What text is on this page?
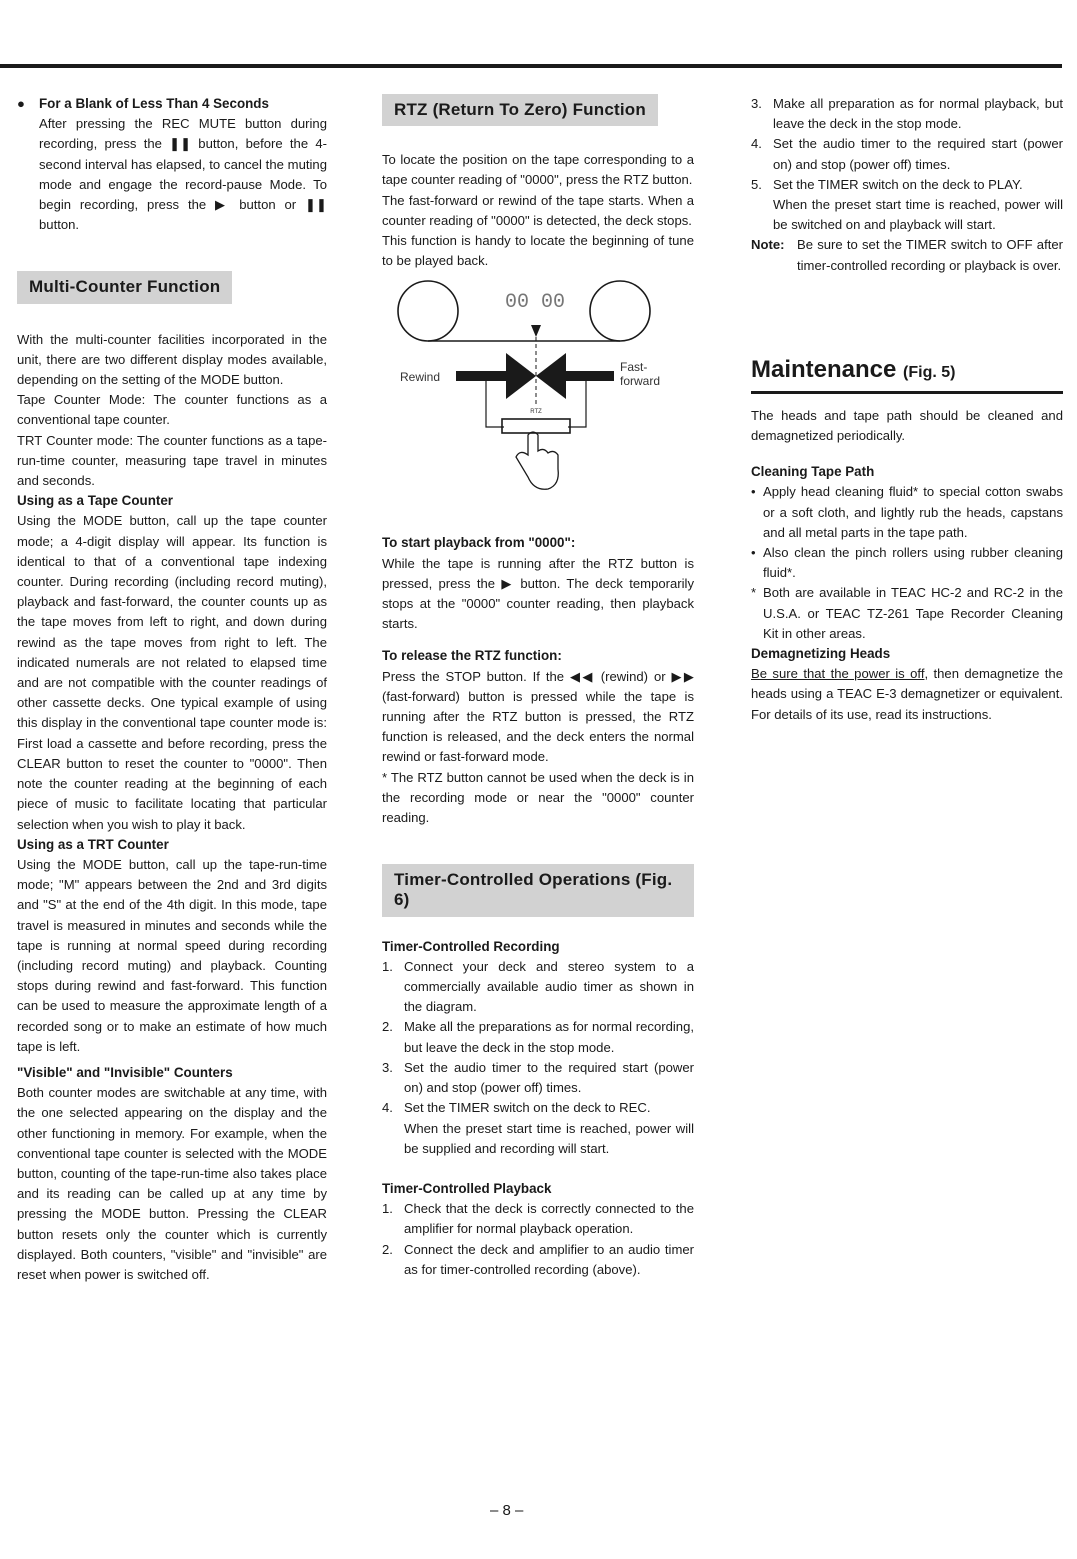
●	For a Blank of Less Than 4 Seconds

After pressing the REC MUTE button during recording, press the ❚❚ button, before the 4-second interval has elapsed, to cancel the muting mode and engage the record-pause Mode. To begin recording, press the ▶ button or ❚❚ button.

Multi-Counter Function

With the multi-counter facilities incorporated in the unit, there are two different display modes available, depending on the setting of the MODE button.

Tape Counter Mode: The counter functions as a conventional tape counter.

TRT Counter mode: The counter functions as a tape-run-time counter, measuring tape travel in minutes and seconds.

Using as a Tape Counter

Using the MODE button, call up the tape counter mode; a 4-digit display will appear. Its function is identical to that of a conventional tape indexing counter. During recording (including record muting), playback and fast-forward, the counter counts up as the tape moves from left to right, and down during rewind as the tape moves from right to left. The indicated numerals are not related to elapsed time and are not compatible with the counter readings of other cassette decks. One typical example of using this display in the conventional tape counter mode is: First load a cassette and before recording, press the CLEAR button to reset the counter to "0000". Then note the counter reading at the beginning of each piece of music to facilitate locating that particular selection when you wish to play it back.

Using as a TRT Counter

Using the MODE button, call up the tape-run-time mode; "M" appears between the 2nd and 3rd digits and "S" at the end of the 4th digit. In this mode, tape travel is measured in minutes and seconds while the tape is running at normal speed during recording (including record muting) and playback. Counting stops during rewind and fast-forward. This function can be used to measure the approximate length of a recorded song or to make an estimate of how much tape is left.

"Visible" and "Invisible" Counters

Both counter modes are switchable at any time, with the one selected appearing on the display and the other functioning in memory. For example, when the conventional tape counter is selected with the MODE button, counting of the tape-run-time also takes place and its reading can be called up at any time by pressing the MODE button. Pressing the CLEAR button resets only the counter which is currently displayed. Both counters, "visible" and "invisible" are reset when power is switched off.

RTZ (Return To Zero) Function

To locate the position on the tape corresponding to a tape counter reading of "0000", press the RTZ button.

The fast-forward or rewind of the tape starts. When a counter reading of "0000" is detected, the deck stops.

This function is handy to locate the beginning of tune to be played back.

00 00
Rewind
Fast-
forward
RTZ

To start playback from "0000":

While the tape is running after the RTZ button is pressed, press the ▶ button. The deck temporarily stops at the "0000" counter reading, then playback starts.

To release the RTZ function:

Press the STOP button. If the ◀◀ (rewind) or ▶▶ (fast-forward) button is pressed while the tape is running after the RTZ button is pressed, the RTZ function is released, and the deck enters the normal rewind or fast-forward mode.

* The RTZ button cannot be used when the deck is in the recording mode or near the "0000" counter reading.

Timer-Controlled Operations (Fig. 6)

Timer-Controlled Recording

1. Connect your deck and stereo system to a commercially available audio timer as shown in the diagram.
2. Make all the preparations as for normal recording, but leave the deck in the stop mode.
3. Set the audio timer to the required start (power on) and stop (power off) times.
4. Set the TIMER switch on the deck to REC.

When the preset start time is reached, power will be supplied and recording will start.

Timer-Controlled Playback

1. Check that the deck is correctly connected to the amplifier for normal playback operation.
2. Connect the deck and amplifier to an audio timer as for timer-controlled recording (above).
3. Make all preparation as for normal playback, but leave the deck in the stop mode.
4. Set the audio timer to the required start (power on) and stop (power off) times.
5. Set the TIMER switch on the deck to PLAY.

When the preset start time is reached, power will be switched on and playback will start.

Note: Be sure to set the TIMER switch to OFF after timer-controlled recording or playback is over.

Maintenance (Fig. 5)

The heads and tape path should be cleaned and demagnetized periodically.

Cleaning Tape Path

• Apply head cleaning fluid* to special cotton swabs or a soft cloth, and lightly rub the heads, capstans and all metal parts in the tape path.
• Also clean the pinch rollers using rubber cleaning fluid*.
* Both are available in TEAC HC-2 and RC-2 in the U.S.A. or TEAC TZ-261 Tape Recorder Cleaning Kit in other areas.

Demagnetizing Heads

Be sure that the power is off, then demagnetize the heads using a TEAC E-3 demagnetizer or equivalent. For details of its use, read its instructions.

– 8 –
